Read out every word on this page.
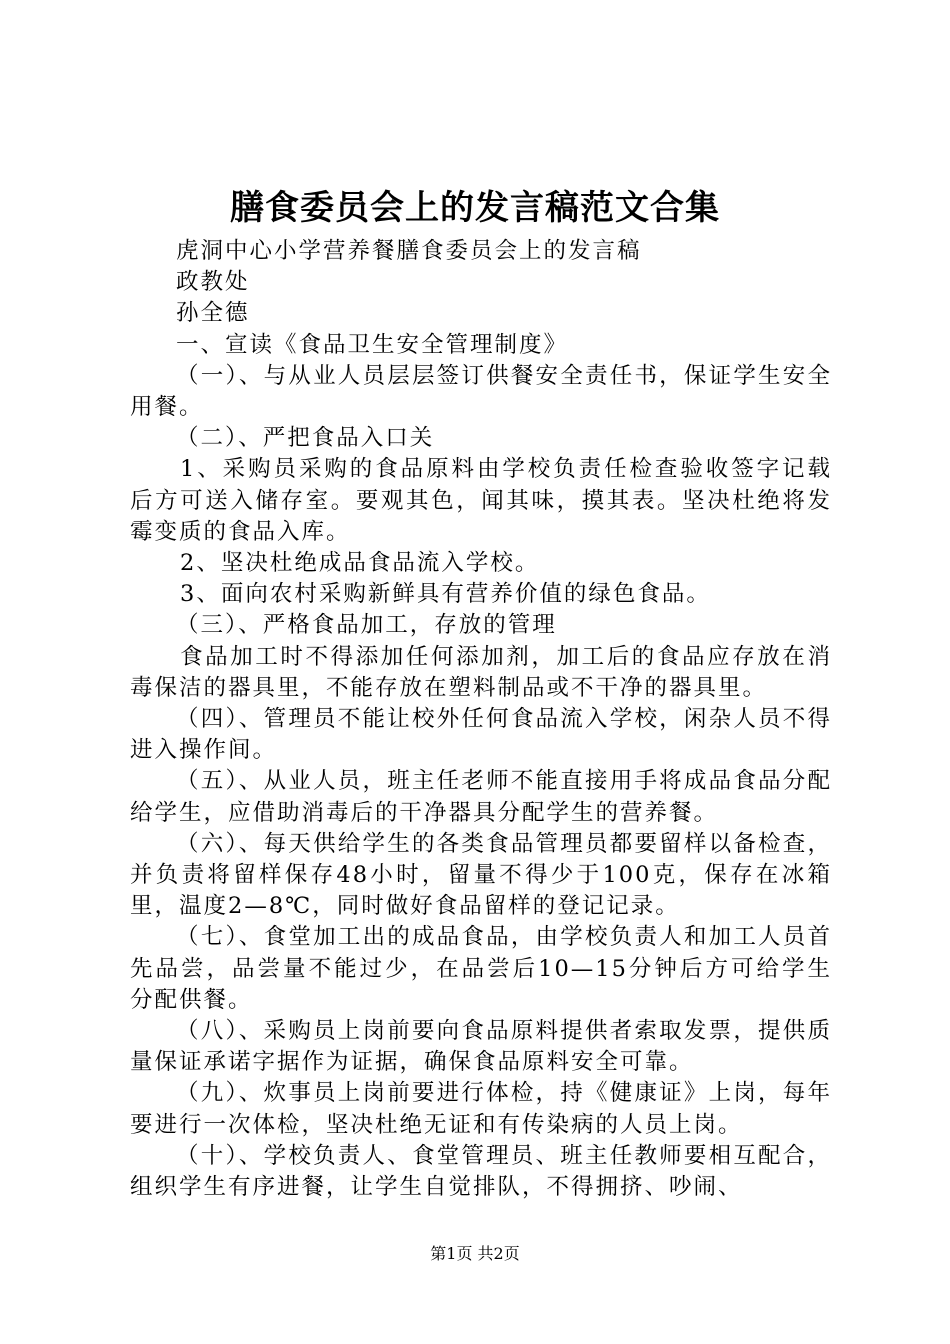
膳食委员会上的发言稿范文合集

虎洞中心小学营养餐膳食委员会上的发言稿

政教处

孙全德

一、宣读《食品卫生安全管理制度》

（一）、与从业人员层层签订供餐安全责任书，保证学生安全用餐。

（二）、严把食品入口关

1、采购员采购的食品原料由学校负责任检查验收签字记载后方可送入储存室。要观其色，闻其味，摸其表。坚决杜绝将发霉变质的食品入库。

2、坚决杜绝成品食品流入学校。

3、面向农村采购新鲜具有营养价值的绿色食品。

（三）、严格食品加工，存放的管理

食品加工时不得添加任何添加剂，加工后的食品应存放在消毒保洁的器具里，不能存放在塑料制品或不干净的器具里。

（四）、管理员不能让校外任何食品流入学校，闲杂人员不得进入操作间。

（五）、从业人员，班主任老师不能直接用手将成品食品分配给学生，应借助消毒后的干净器具分配学生的营养餐。

（六）、每天供给学生的各类食品管理员都要留样以备检查，并负责将留样保存48小时，留量不得少于100克，保存在冰箱里，温度2—8℃，同时做好食品留样的登记记录。

（七）、食堂加工出的成品食品，由学校负责人和加工人员首先品尝，品尝量不能过少，在品尝后10—15分钟后方可给学生分配供餐。

（八）、采购员上岗前要向食品原料提供者索取发票，提供质量保证承诺字据作为证据，确保食品原料安全可靠。

（九）、炊事员上岗前要进行体检，持《健康证》上岗，每年要进行一次体检，坚决杜绝无证和有传染病的人员上岗。

（十）、学校负责人、食堂管理员、班主任教师要相互配合，组织学生有序进餐，让学生自觉排队，不得拥挤、吵闹、

第1页 共2页
